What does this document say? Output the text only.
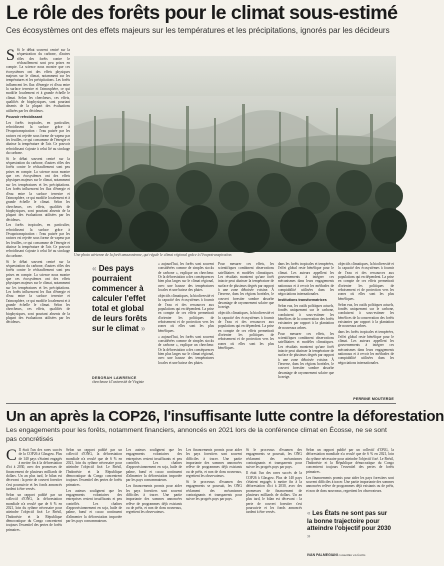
Le rôle des forêts pour le climat sous-estimé
Ces écosystèmes ont des effets majeurs sur les températures et les précipitations, ignorés par les décideurs

S Si le débat souvent centré sur la séquestration du carbone, d'autres rôles des forêts contre le réchauffement sont peu prises en compte. La science nous montre que ces écosystèmes ont des effets physiques majeurs sur le climat, notamment sur les températures et les précipitations. Les forêts influencent les flux d'énergie et d'eau entre la surface terrestre et l'atmosphère, ce qui modifie localement et à grande échelle le climat. Selon les chercheurs, ces effets, qualifiés de biophysiques, sont pourtant absents de la plupart des évaluations utilisées par les décideurs.

Pouvoir refroidissant

Les forêts tropicales, en particulier, refroidissent la surface grâce à l'évapotranspiration : l'eau puisée par les racines est rejetée sous forme de vapeur par les feuilles, ce qui consomme de l'énergie et abaisse la température de l'air. Ce pouvoir refroidissant s'ajoute à celui lié au stockage du carbone.

Si le débat souvent centré sur la séquestration du carbone, d'autres rôles des forêts contre le réchauffement sont peu prises en compte. La science nous montre que ces écosystèmes ont des effets physiques majeurs sur le climat, notamment sur les températures et les précipitations. Les forêts influencent les flux d'énergie et d'eau entre la surface terrestre et l'atmosphère, ce qui modifie localement et à grande échelle le climat. Selon les chercheurs, ces effets, qualifiés de biophysiques, sont pourtant absents de la plupart des évaluations utilisées par les décideurs.

Les forêts tropicales, en particulier, refroidissent la surface grâce à l'évapotranspiration : l'eau puisée par les racines est rejetée sous forme de vapeur par les feuilles, ce qui consomme de l'énergie et abaisse la température de l'air. Ce pouvoir refroidissant s'ajoute à celui lié au stockage du carbone.

Si le débat souvent centré sur la séquestration du carbone, d'autres rôles des forêts contre le réchauffement sont peu prises en compte. La science nous montre que ces écosystèmes ont des effets physiques majeurs sur le climat, notamment sur les températures et les précipitations. Les forêts influencent les flux d'énergie et d'eau entre la surface terrestre et l'atmosphère, ce qui modifie localement et à grande échelle le climat. Selon les chercheurs, ces effets, qualifiés de biophysiques, sont pourtant absents de la plupart des évaluations utilisées par les décideurs.

Une photo aérienne de la forêt amazonienne, qui régule le climat régional grâce à l'évapotranspiration.
« Des pays pourraient commencer à calculer l'effet total et global de leurs forêts sur le climat »
DEBORAH LAWRENCE
chercheuse à l'université de Virginie

« aujourd'hui, les forêts sont souvent considérées comme de simples stocks de carbone », explique un chercheur. Or la déforestation a des conséquences bien plus larges sur le climat régional, avec une hausse des températures locales et une baisse des pluies.

objectifs climatiques, la biodiversité et la capacité des écosystèmes à fournir de l'eau et des ressources aux populations qui en dépendent. La prise en compte de ces effets permettrait d'orienter les politiques de reboisement et de protection vers les zones où elles sont les plus bénéfiques.

« aujourd'hui, les forêts sont souvent considérées comme de simples stocks de carbone », explique un chercheur. Or la déforestation a des conséquences bien plus larges sur le climat régional, avec une hausse des températures locales et une baisse des pluies.

Pour mesurer ces effets, les scientifiques combinent observations satellitaires et modèles climatiques. Les résultats montrent qu'une forêt intacte peut abaisser la température de surface de plusieurs degrés par rapport à une zone déboisée voisine. À l'inverse, dans les régions boréales, le couvert forestier sombre absorbe davantage de rayonnement solaire que la neige.

objectifs climatiques, la biodiversité et la capacité des écosystèmes à fournir de l'eau et des ressources aux populations qui en dépendent. La prise en compte de ces effets permettrait d'orienter les politiques de reboisement et de protection vers les zones où elles sont les plus bénéfiques.

dans les forêts tropicales et tempérées, l'effet global reste bénéfique pour le climat. Les auteurs appellent les gouvernements à intégrer ces mécanismes dans leurs engagements nationaux et à revoir les méthodes de comptabilité utilisées dans les négociations internationales.

Institutions transformatrices

Selon eux, les outils politiques actuels, fondés uniquement sur le carbone, conduisent à sous-estimer les bénéfices de la conservation des forêts existantes par rapport à la plantation de nouveaux arbres.

Pour mesurer ces effets, les scientifiques combinent observations satellitaires et modèles climatiques. Les résultats montrent qu'une forêt intacte peut abaisser la température de surface de plusieurs degrés par rapport à une zone déboisée voisine. À l'inverse, dans les régions boréales, le couvert forestier sombre absorbe davantage de rayonnement solaire que la neige.

objectifs climatiques, la biodiversité et la capacité des écosystèmes à fournir de l'eau et des ressources aux populations qui en dépendent. La prise en compte de ces effets permettrait d'orienter les politiques de reboisement et de protection vers les zones où elles sont les plus bénéfiques.

Selon eux, les outils politiques actuels, fondés uniquement sur le carbone, conduisent à sous-estimer les bénéfices de la conservation des forêts existantes par rapport à la plantation de nouveaux arbres.

dans les forêts tropicales et tempérées, l'effet global reste bénéfique pour le climat. Les auteurs appellent les gouvernements à intégrer ces mécanismes dans leurs engagements nationaux et à revoir les méthodes de comptabilité utilisées dans les négociations internationales.

PERRINE MOUTERDE
Un an après la COP26, l'insuffisante lutte contre la déforestation
Les engagements pour les forêts, notamment financiers, annoncés en 2021 lors de la conférence climat en Écosse, ne se sont pas concrétisés

C Il était l'un des rares succès de la COP26 à Glasgow. Plus de 140 pays s'étaient engagés à mettre fin à la déforestation d'ici à 2030, avec des promesses de financement de plusieurs milliards de dollars. Un an plus tard, le bilan est décevant : la perte de couvert forestier s'est poursuivie et les fonds annoncés tardent à être versés.

Selon un rapport publié par un collectif d'ONG, la déforestation mondiale n'a reculé que de 6 % en 2021, loin du rythme nécessaire pour atteindre l'objectif fixé. Le Brésil, l'Indonésie et la République démocratique du Congo concentrent toujours l'essentiel des pertes de forêts primaires.

Selon un rapport publié par un collectif d'ONG, la déforestation mondiale n'a reculé que de 6 % en 2021, loin du rythme nécessaire pour atteindre l'objectif fixé. Le Brésil, l'Indonésie et la République démocratique du Congo concentrent toujours l'essentiel des pertes de forêts primaires.

Les auteurs soulignent que les engagements volontaires des entreprises restent insuffisants et peu contrôlés. Les chaînes d'approvisionnement en soja, huile de palme, bœuf et cacao continuent d'alimenter la déforestation importée par les pays consommateurs.

Les auteurs soulignent que les engagements volontaires des entreprises restent insuffisants et peu contrôlés. Les chaînes d'approvisionnement en soja, huile de palme, bœuf et cacao continuent d'alimenter la déforestation importée par les pays consommateurs.

Les financements promis pour aider les pays forestiers sont souvent difficiles à tracer. Une partie importante des sommes annoncées relève de programmes déjà existants ou de prêts, et non de dons nouveaux, regrettent les observateurs.

Les financements promis pour aider les pays forestiers sont souvent difficiles à tracer. Une partie importante des sommes annoncées relève de programmes déjà existants ou de prêts, et non de dons nouveaux, regrettent les observateurs.

Si le processus d'examen des engagements se poursuit, les ONG réclament des mécanismes contraignants et transparents pour suivre les progrès pays par pays.

Si le processus d'examen des engagements se poursuit, les ONG réclament des mécanismes contraignants et transparents pour suivre les progrès pays par pays.

Il était l'un des rares succès de la COP26 à Glasgow. Plus de 140 pays s'étaient engagés à mettre fin à la déforestation d'ici à 2030, avec des promesses de financement de plusieurs milliards de dollars. Un an plus tard, le bilan est décevant : la perte de couvert forestier s'est poursuivie et les fonds annoncés tardent à être versés.

Selon un rapport publié par un collectif d'ONG, la déforestation mondiale n'a reculé que de 6 % en 2021, loin du rythme nécessaire pour atteindre l'objectif fixé. Le Brésil, l'Indonésie et la République démocratique du Congo concentrent toujours l'essentiel des pertes de forêts primaires.

Les financements promis pour aider les pays forestiers sont souvent difficiles à tracer. Une partie importante des sommes annoncées relève de programmes déjà existants ou de prêts, et non de dons nouveaux, regrettent les observateurs.

« Les États ne sont pas sur la bonne trajectoire pour atteindre l'objectif pour 2030 »
IVAN PALMEGIANI conseiller en forêts
